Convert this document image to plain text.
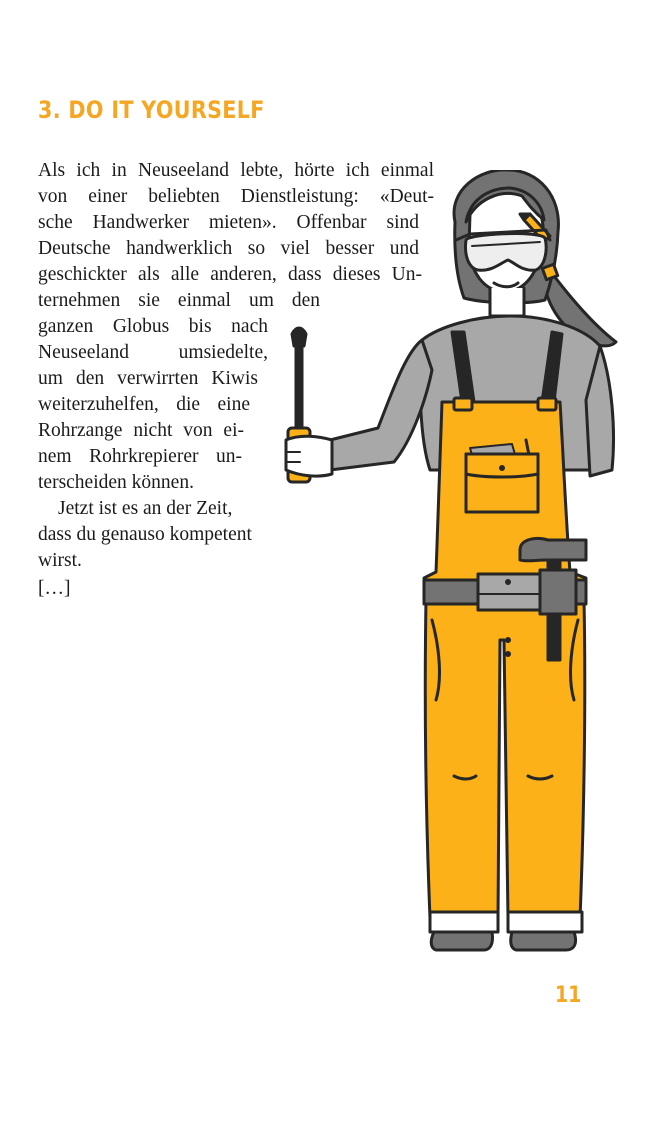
3. DO IT YOURSELF
Als ich in Neuseeland lebte, hörte ich einmal
von einer beliebten Dienstleistung: «Deut-
sche Handwerker mieten». Offenbar sind
Deutsche handwerklich so viel besser und
geschickter als alle anderen, dass dieses Un-
ternehmen sie einmal um den
ganzen Globus bis nach
Neuseeland umsiedelte,
um den verwirrten Kiwis
weiterzuhelfen, die eine
Rohrzange nicht von ei-
nem Rohrkrepierer un-
terscheiden können.
Jetzt ist es an der Zeit,
dass du genauso kompetent
wirst.
[…]
11
